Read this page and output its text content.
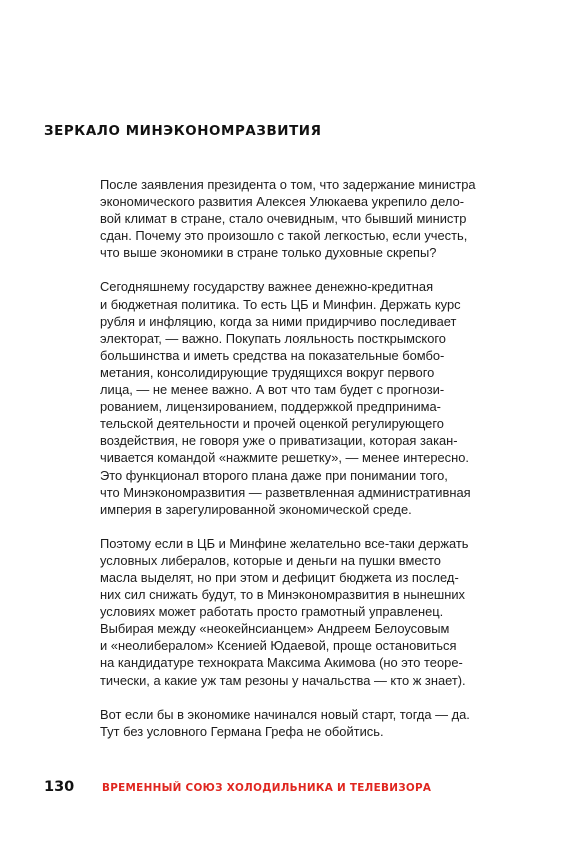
ЗЕРКАЛО МИНЭКОНОМРАЗВИТИЯ

После заявления президента о том, что задержание министра
экономического развития Алексея Улюкаева укрепило дело-
вой климат в стране, стало очевидным, что бывший министр
сдан. Почему это произошло с такой легкостью, если учесть,
что выше экономики в стране только духовные скрепы?

Сегодняшнему государству важнее денежно-кредитная
и бюджетная политика. То есть ЦБ и Минфин. Держать курс
рубля и инфляцию, когда за ними придирчиво последивает
электорат, — важно. Покупать лояльность посткрымского
большинства и иметь средства на показательные бомбо-
метания, консолидирующие трудящихся вокруг первого
лица, — не менее важно. А вот что там будет с прогнози-
рованием, лицензированием, поддержкой предпринима-
тельской деятельности и прочей оценкой регулирующего
воздействия, не говоря уже о приватизации, которая закан-
чивается командой «нажмите решетку», — менее интересно.
Это функционал второго плана даже при понимании того,
что Минэкономразвития — разветвленная административная
империя в зарегулированной экономической среде.

Поэтому если в ЦБ и Минфине желательно все-таки держать
условных либералов, которые и деньги на пушки вместо
масла выделят, но при этом и дефицит бюджета из послед-
них сил снижать будут, то в Минэкономразвития в нынешних
условиях может работать просто грамотный управленец.
Выбирая между «неокейнсианцем» Андреем Белоусовым
и «неолибералом» Ксенией Юдаевой, проще остановиться
на кандидатуре технократа Максима Акимова (но это теоре-
тически, а какие уж там резоны у начальства — кто ж знает).

Вот если бы в экономике начинался новый старт, тогда — да.
Тут без условного Германа Грефа не обойтись.

130	ВРЕМЕННЫЙ СОЮЗ ХОЛОДИЛЬНИКА И ТЕЛЕВИЗОРА
